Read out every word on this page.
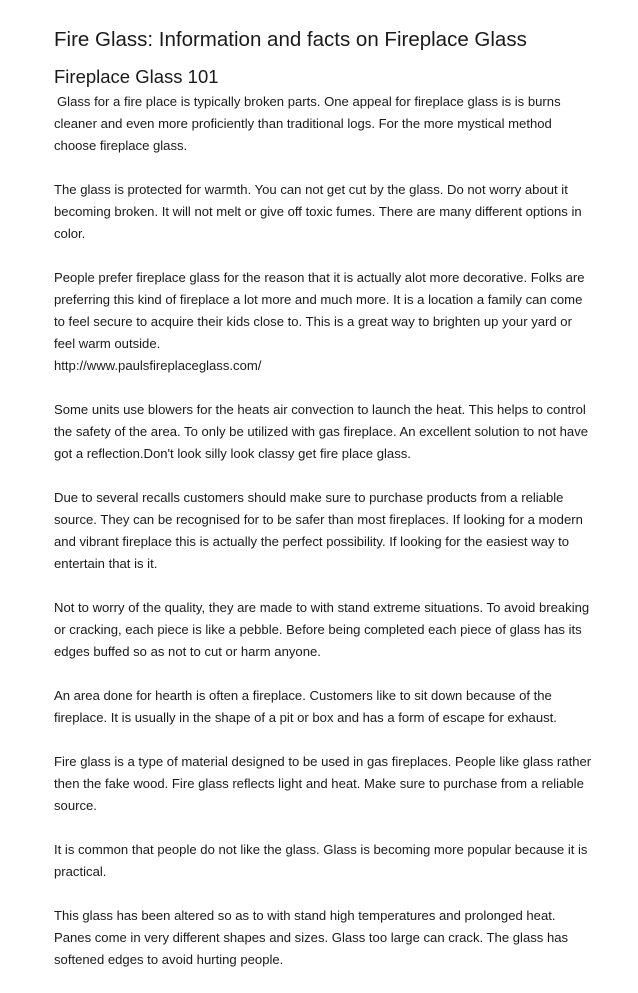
Fire Glass: Information and facts on Fireplace Glass
Fireplace Glass 101

Glass for a fire place is typically broken parts. One appeal for fireplace glass is is burns cleaner and even more proficiently than traditional logs. For the more mystical method choose fireplace glass.

The glass is protected for warmth. You can not get cut by the glass. Do not worry about it becoming broken. It will not melt or give off toxic fumes. There are many different options in color.

People prefer fireplace glass for the reason that it is actually alot more decorative. Folks are preferring this kind of fireplace a lot more and much more. It is a location a family can come to feel secure to acquire their kids close to. This is a great way to brighten up your yard or feel warm outside.
http://www.paulsfireplaceglass.com/

Some units use blowers for the heats air convection to launch the heat. This helps to control the safety of the area. To only be utilized with gas fireplace. An excellent solution to not have got a reflection.Don't look silly look classy get fire place glass.

Due to several recalls customers should make sure to purchase products from a reliable source. They can be recognised for to be safer than most fireplaces. If looking for a modern and vibrant fireplace this is actually the perfect possibility. If looking for the easiest way to entertain that is it.

Not to worry of the quality, they are made to with stand extreme situations. To avoid breaking or cracking, each piece is like a pebble. Before being completed each piece of glass has its edges buffed so as not to cut or harm anyone.

An area done for hearth is often a fireplace. Customers like to sit down because of the fireplace. It is usually in the shape of a pit or box and has a form of escape for exhaust.

Fire glass is a type of material designed to be used in gas fireplaces. People like glass rather then the fake wood. Fire glass reflects light and heat. Make sure to purchase from a reliable source.

It is common that people do not like the glass. Glass is becoming more popular because it is practical.

This glass has been altered so as to with stand high temperatures and prolonged heat. Panes come in very different shapes and sizes. Glass too large can crack. The glass has softened edges to avoid hurting people.
